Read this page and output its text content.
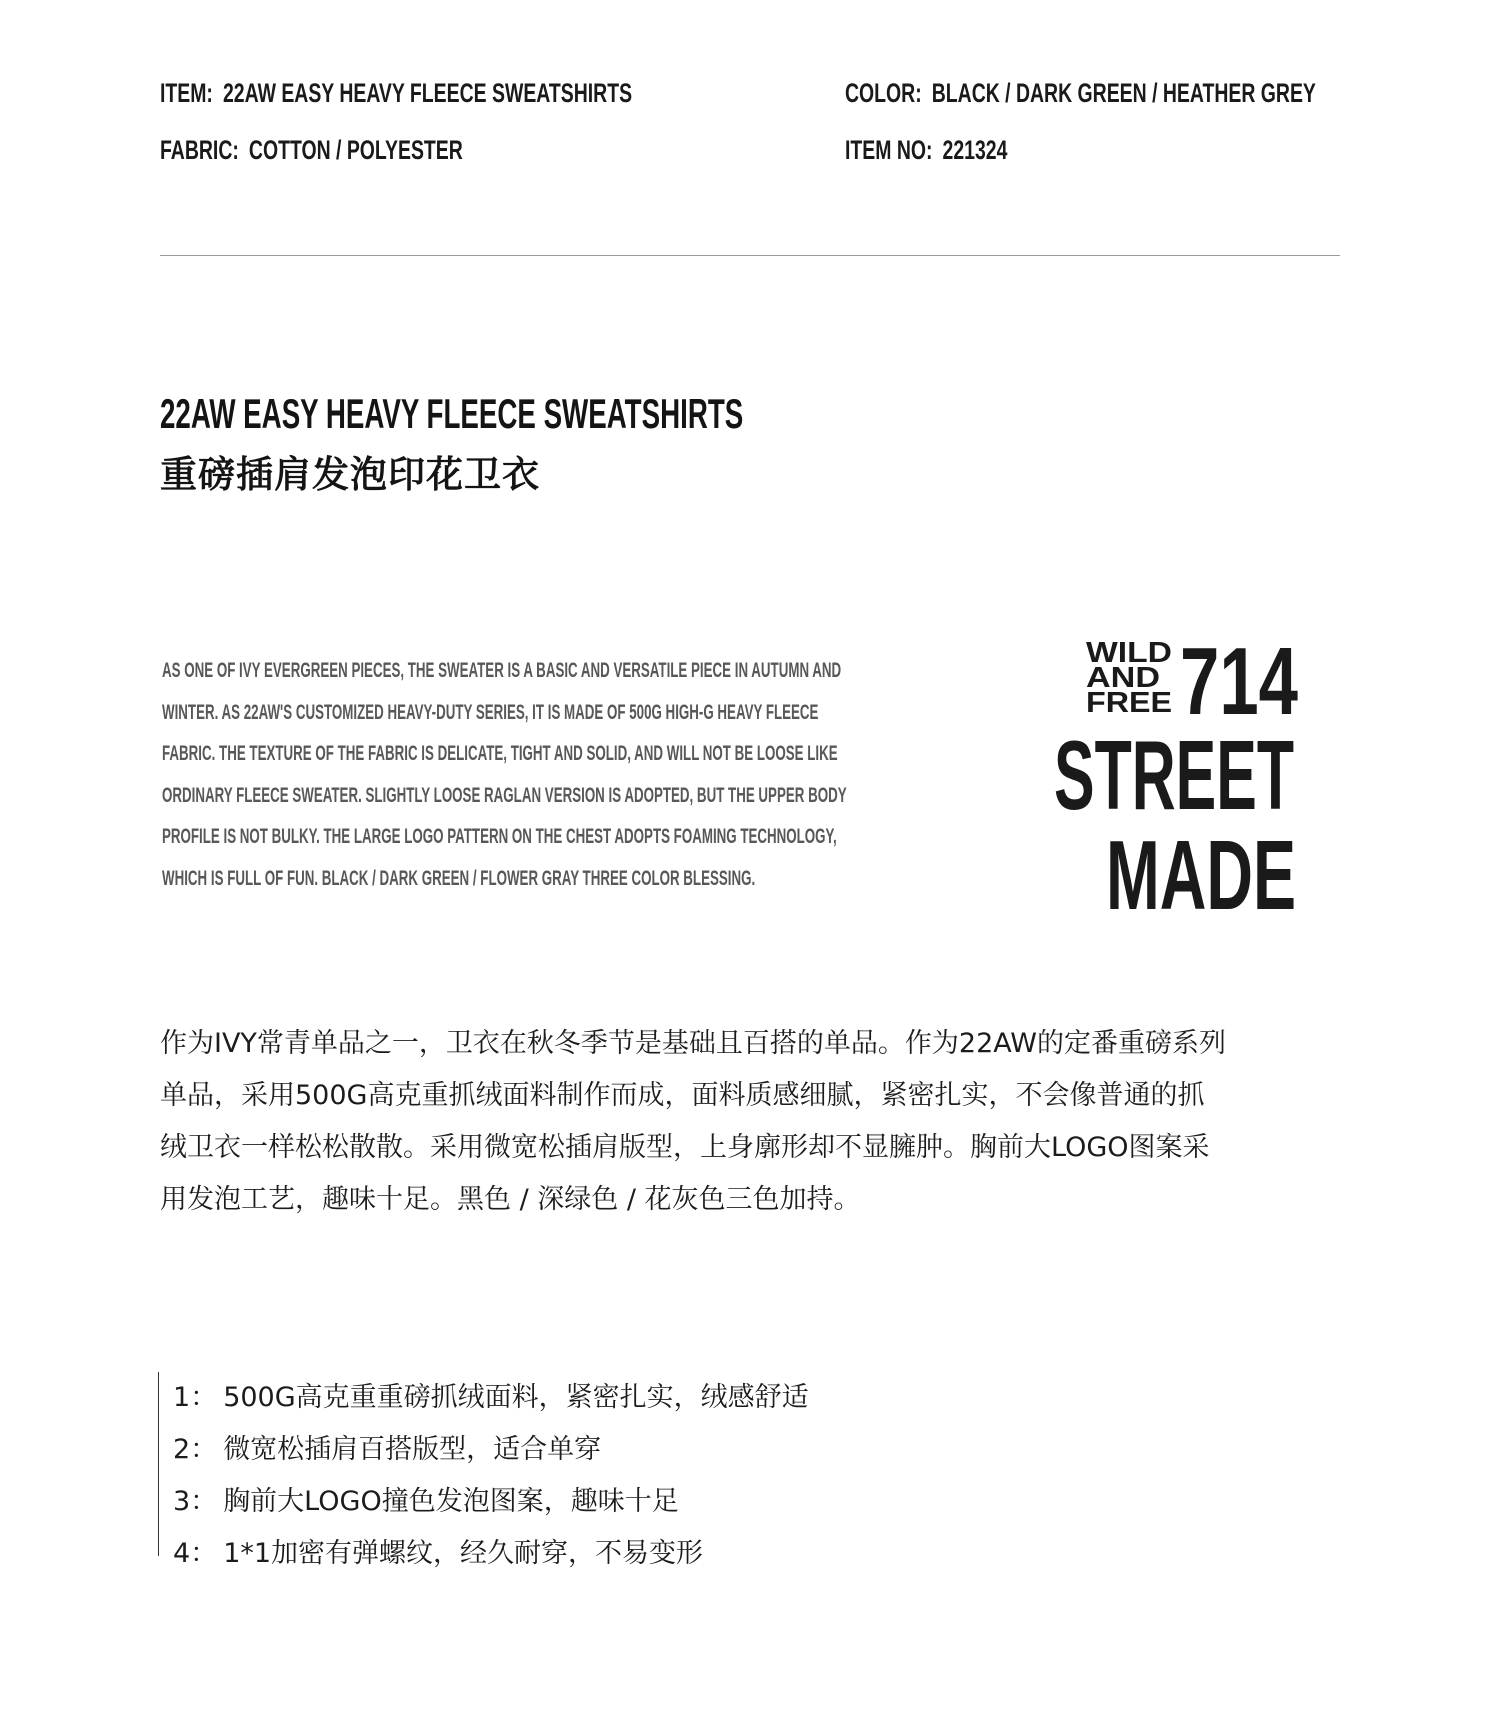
ITEM: 22AW EASY HEAVY FLEECE SWEATSHIRTS
FABRIC: COTTON / POLYESTER
COLOR: BLACK / DARK GREEN / HEATHER GREY
ITEM NO: 221324
22AW EASY HEAVY FLEECE SWEATSHIRTS
重磅插肩发泡印花卫衣
AS ONE OF IVY EVERGREEN PIECES, THE SWEATER IS A BASIC AND VERSATILE PIECE IN AUTUMN AND
WINTER. AS 22AW'S CUSTOMIZED HEAVY-DUTY SERIES, IT IS MADE OF 500G HIGH-G HEAVY FLEECE
FABRIC. THE TEXTURE OF THE FABRIC IS DELICATE, TIGHT AND SOLID, AND WILL NOT BE LOOSE LIKE
ORDINARY FLEECE SWEATER. SLIGHTLY LOOSE RAGLAN VERSION IS ADOPTED, BUT THE UPPER BODY
PROFILE IS NOT BULKY. THE LARGE LOGO PATTERN ON THE CHEST ADOPTS FOAMING TECHNOLOGY,
WHICH IS FULL OF FUN. BLACK / DARK GREEN / FLOWER GRAY THREE COLOR BLESSING.
WILD
AND
FREE 714
STREET
MADE
作为IVY常青单品之一，卫衣在秋冬季节是基础且百搭的单品。作为22AW的定番重磅系列
单品，采用500G高克重抓绒面料制作而成，面料质感细腻，紧密扎实，不会像普通的抓
绒卫衣一样松松散散。采用微宽松插肩版型，上身廓形却不显臃肿。胸前大LOGO图案采
用发泡工艺，趣味十足。黑色 / 深绿色 / 花灰色三色加持。
1： 500G高克重重磅抓绒面料，紧密扎实，绒感舒适
2： 微宽松插肩百搭版型，适合单穿
3： 胸前大LOGO撞色发泡图案，趣味十足
4： 1*1加密有弹螺纹，经久耐穿，不易变形
